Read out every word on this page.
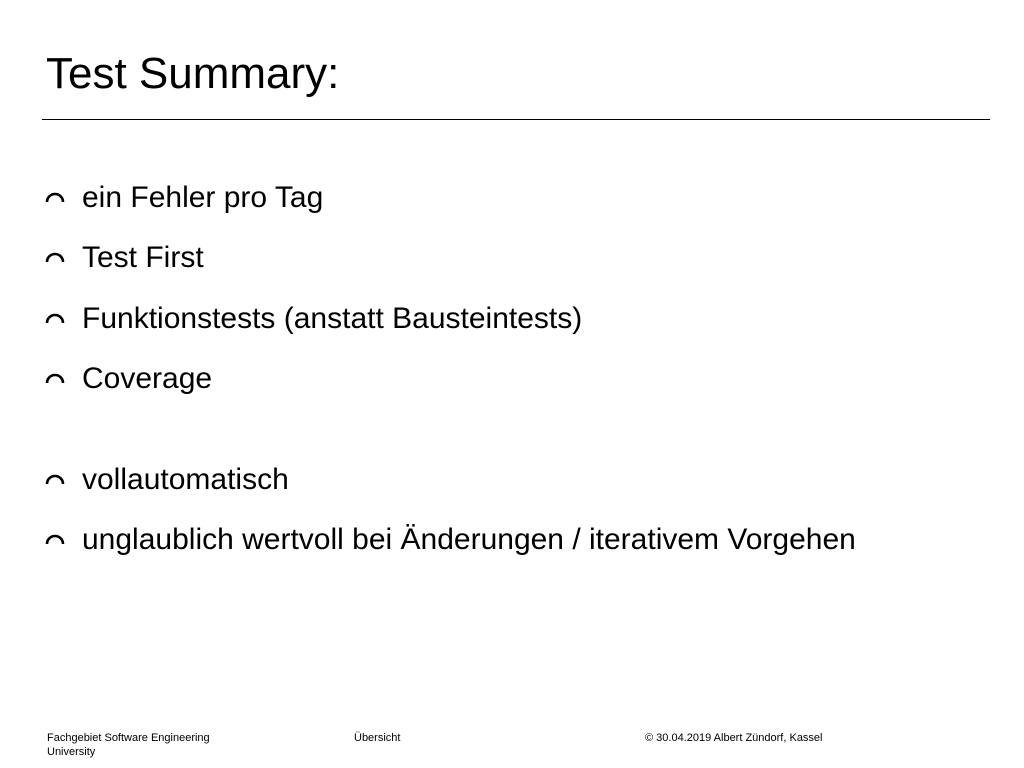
Test Summary:
ein Fehler pro Tag
Test First
Funktionstests (anstatt Bausteintests)
Coverage
vollautomatisch
unglaublich wertvoll bei Änderungen / iterativem Vorgehen
Fachgebiet Software Engineering University
Übersicht	© 30.04.2019 Albert Zündorf, Kassel
